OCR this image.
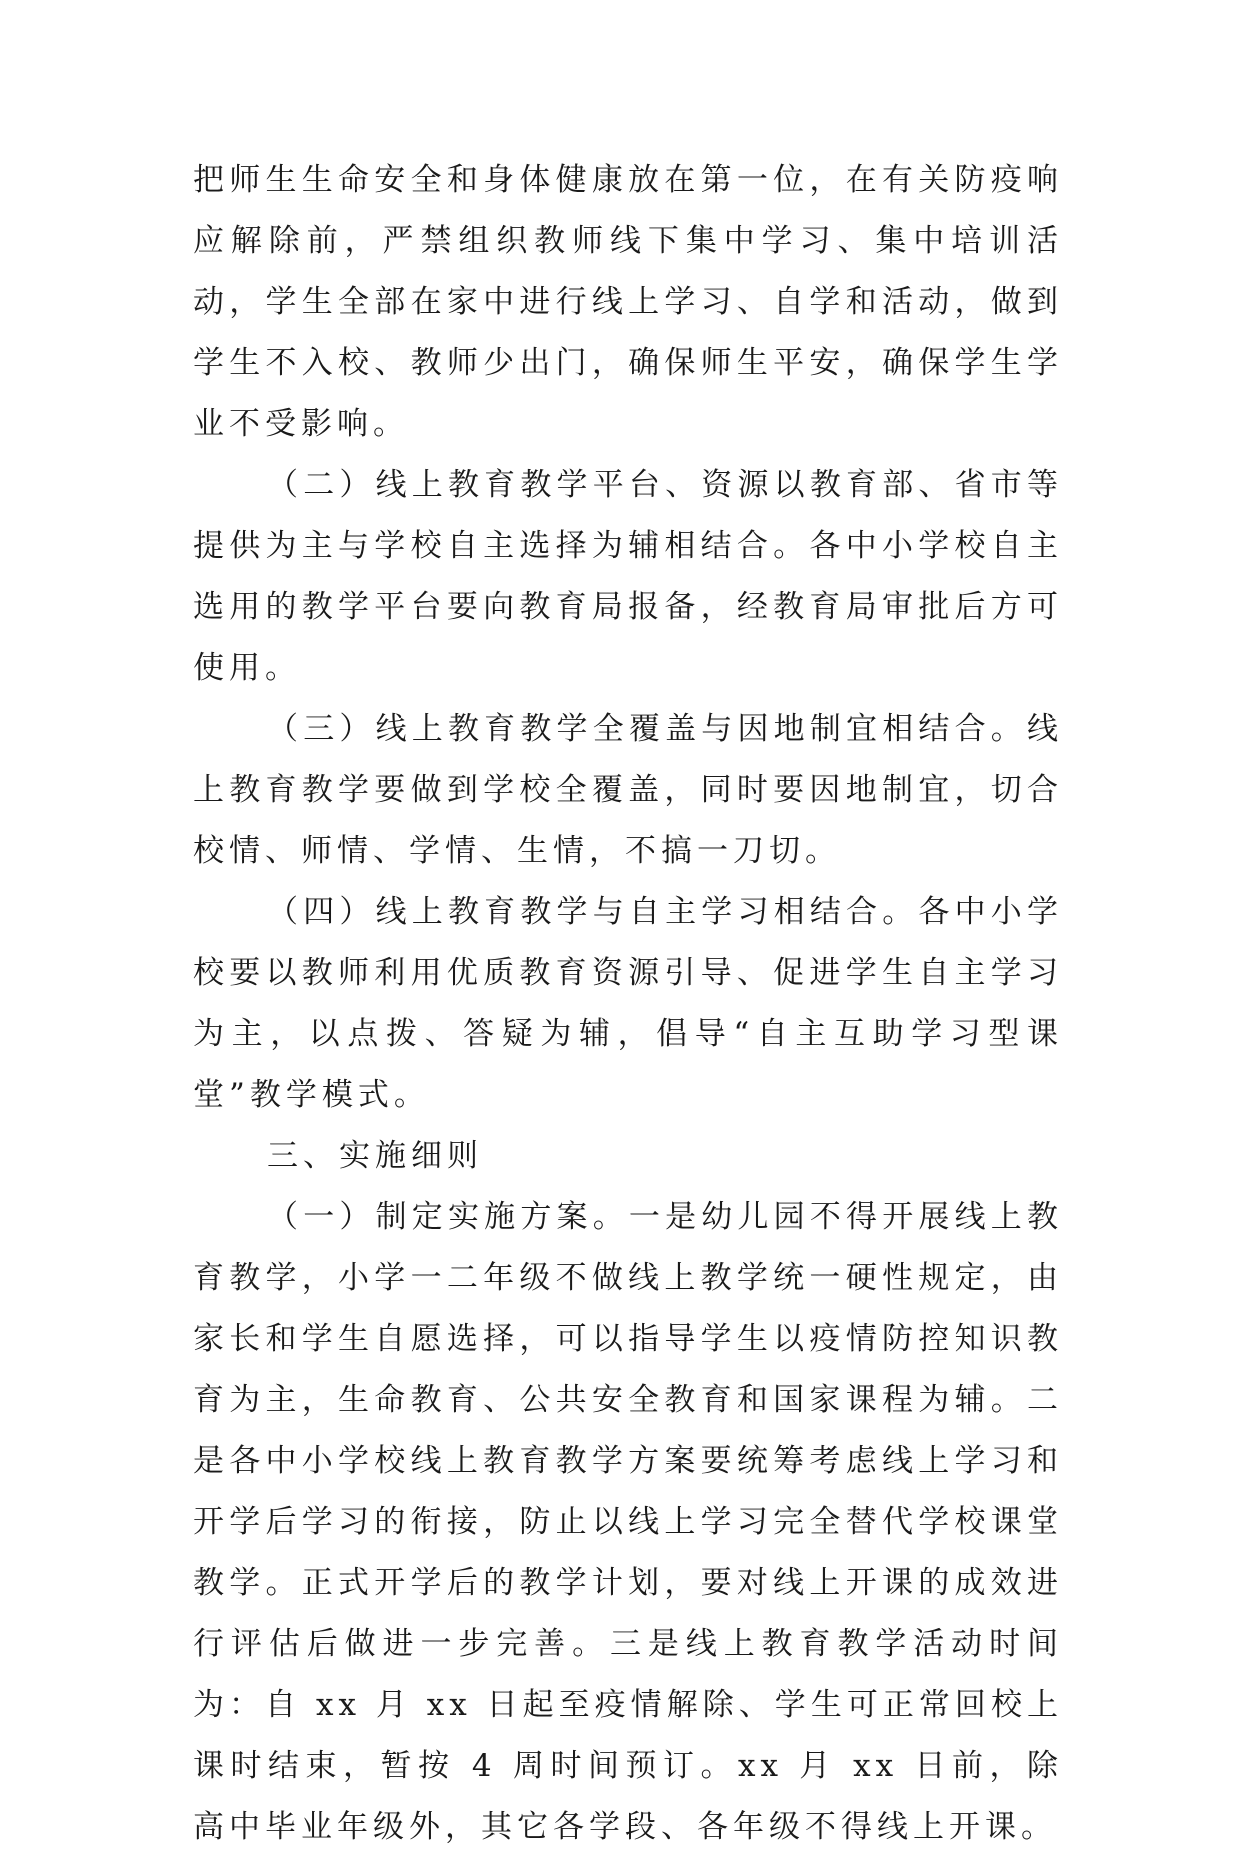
把师生生命安全和身体健康放在第一位，在有关防疫响应解除前，严禁组织教师线下集中学习、集中培训活动，学生全部在家中进行线上学习、自学和活动，做到学生不入校、教师少出门，确保师生平安，确保学生学业不受影响。

（二）线上教育教学平台、资源以教育部、省市等提供为主与学校自主选择为辅相结合。各中小学校自主选用的教学平台要向教育局报备，经教育局审批后方可使用。

（三）线上教育教学全覆盖与因地制宜相结合。线上教育教学要做到学校全覆盖，同时要因地制宜，切合校情、师情、学情、生情，不搞一刀切。

（四）线上教育教学与自主学习相结合。各中小学校要以教师利用优质教育资源引导、促进学生自主学习为主，以点拨、答疑为辅，倡导“自主互助学习型课堂”教学模式。

三、实施细则

（一）制定实施方案。一是幼儿园不得开展线上教育教学，小学一二年级不做线上教学统一硬性规定，由家长和学生自愿选择，可以指导学生以疫情防控知识教育为主，生命教育、公共安全教育和国家课程为辅。二是各中小学校线上教育教学方案要统筹考虑线上学习和开学后学习的衔接，防止以线上学习完全替代学校课堂教学。正式开学后的教学计划，要对线上开课的成效进行评估后做进一步完善。三是线上教育教学活动时间为：自 xx 月 xx 日起至疫情解除、学生可正常回校上课时结束，暂按 4 周时间预订。xx 月 xx 日前，除高中毕业年级外，其它各学段、各年级不得线上开课。
